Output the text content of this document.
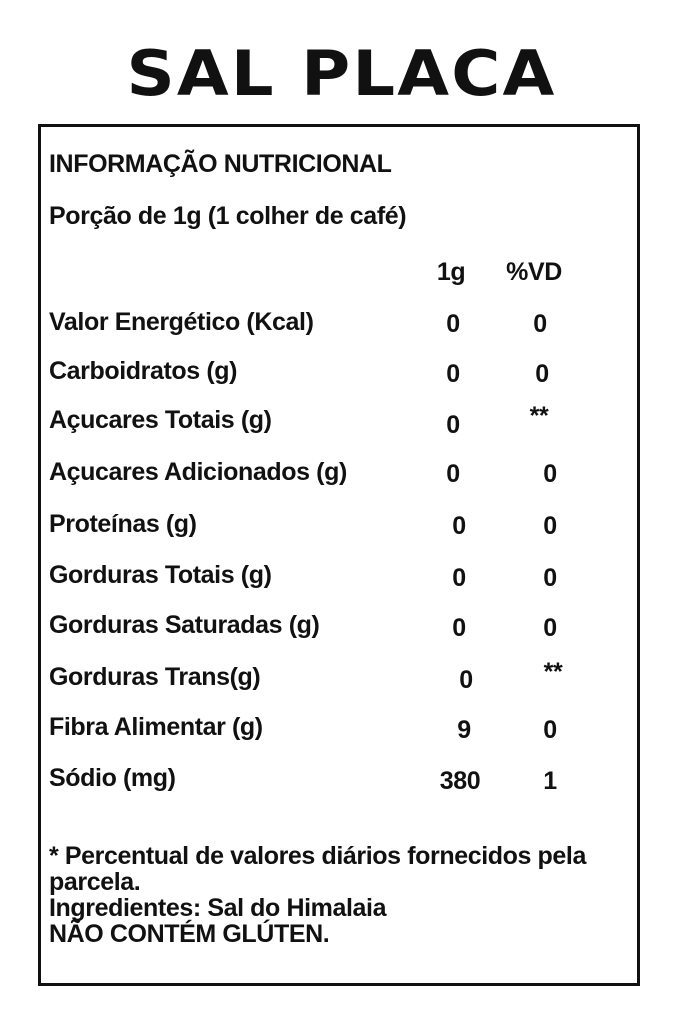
SAL PLACA
INFORMAÇÃO NUTRICIONAL
Porção de 1g (1 colher de café)
1g	%VD
Valor Energético (Kcal)	0	0
Carboidratos (g)	0	0
Açucares Totais (g)	0	**
Açucares Adicionados (g)	0	0
Proteínas (g)	0	0
Gorduras Totais (g)	0	0
Gorduras Saturadas (g)	0	0
Gorduras Trans(g)	0	**
Fibra Alimentar (g)	9	0
Sódio (mg)	380	1
* Percentual de valores diários fornecidos pela
parcela.
Ingredientes: Sal do Himalaia
NÃO CONTÉM GLÚTEN.
